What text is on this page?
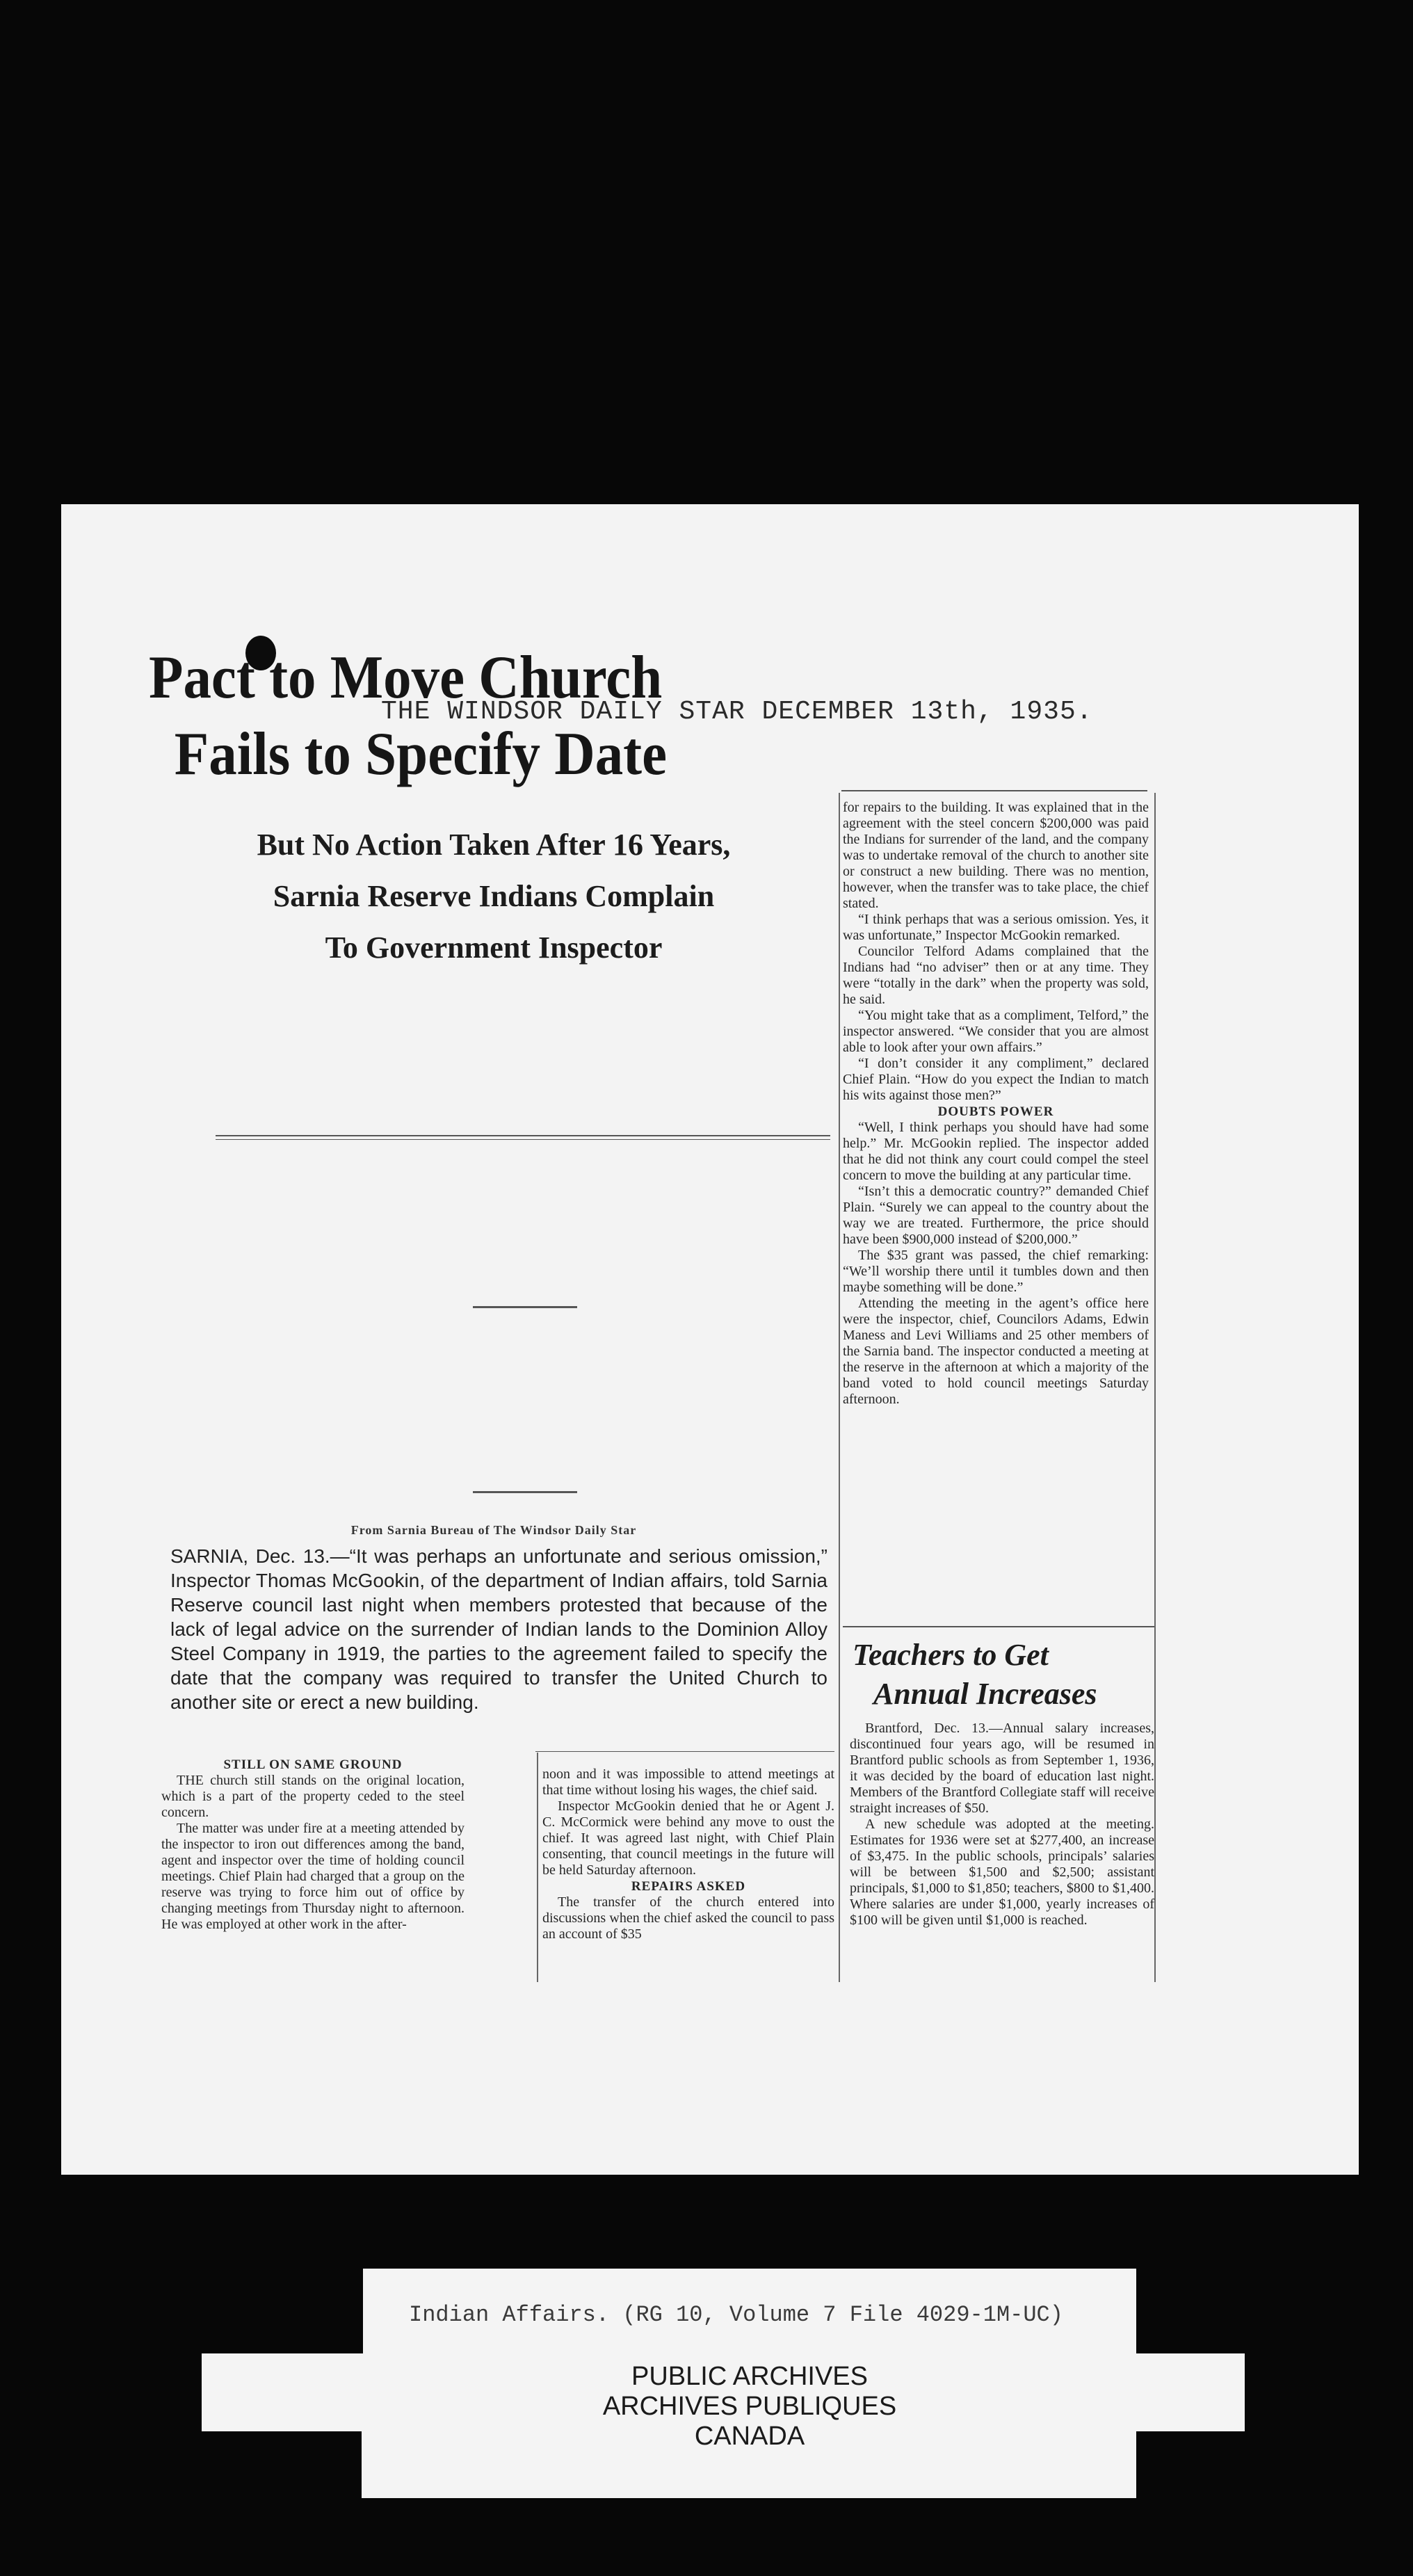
THE WINDSOR DAILY STAR DECEMBER 13th, 1935.
Pact to Move Church
Fails to Specify Date
But No Action Taken After 16 Years,
Sarnia Reserve Indians Complain
To Government Inspector
From Sarnia Bureau of The Windsor Daily Star
SARNIA, Dec. 13.—“It was perhaps an unfortunate and serious omission,” Inspector Thomas McGookin, of the department of Indian affairs, told Sarnia Reserve council last night when members protested that because of the lack of legal advice on the surrender of Indian lands to the Dominion Alloy Steel Company in 1919, the parties to the agreement failed to specify the date that the company was required to transfer the United Church to another site or erect a new building.

STILL ON SAME GROUND

THE church still stands on the original location, which is a part of the property ceded to the steel concern.

The matter was under fire at a meeting attended by the inspector to iron out differences among the band, agent and inspector over the time of holding council meetings. Chief Plain had charged that a group on the reserve was trying to force him out of office by changing meetings from Thursday night to afternoon. He was employed at other work in the after-

noon and it was impossible to attend meetings at that time without losing his wages, the chief said.

Inspector McGookin denied that he or Agent J. C. McCormick were behind any move to oust the chief. It was agreed last night, with Chief Plain consenting, that council meetings in the future will be held Saturday afternoon.

REPAIRS ASKED

The transfer of the church entered into discussions when the chief asked the council to pass an account of $35

for repairs to the building. It was explained that in the agreement with the steel concern $200,000 was paid the Indians for surrender of the land, and the company was to undertake removal of the church to another site or construct a new building. There was no mention, however, when the transfer was to take place, the chief stated.

“I think perhaps that was a serious omission. Yes, it was unfortunate,” Inspector McGookin remarked.

Councilor Telford Adams complained that the Indians had “no adviser” then or at any time. They were “totally in the dark” when the property was sold, he said.

“You might take that as a compliment, Telford,” the inspector answered. “We consider that you are almost able to look after your own affairs.”

“I don’t consider it any compliment,” declared Chief Plain. “How do you expect the Indian to match his wits against those men?”

DOUBTS POWER

“Well, I think perhaps you should have had some help.” Mr. McGookin replied. The inspector added that he did not think any court could compel the steel concern to move the building at any particular time.

“Isn’t this a democratic country?” demanded Chief Plain. “Surely we can appeal to the country about the way we are treated. Furthermore, the price should have been $900,000 instead of $200,000.”

The $35 grant was passed, the chief remarking: “We’ll worship there until it tumbles down and then maybe something will be done.”

Attending the meeting in the agent’s office here were the inspector, chief, Councilors Adams, Edwin Maness and Levi Williams and 25 other members of the Sarnia band. The inspector conducted a meeting at the reserve in the afternoon at which a majority of the band voted to hold council meetings Saturday afternoon.

Teachers to Get
Annual Increases

Brantford, Dec. 13.—Annual salary increases, discontinued four years ago, will be resumed in Brantford public schools as from September 1, 1936, it was decided by the board of education last night. Members of the Brantford Collegiate staff will receive straight increases of $50.

A new schedule was adopted at the meeting. Estimates for 1936 were set at $277,400, an increase of $3,475. In the public schools, principals’ salaries will be between $1,500 and $2,500; assistant principals, $1,000 to $1,850; teachers, $800 to $1,400. Where salaries are under $1,000, yearly increases of $100 will be given until $1,000 is reached.

Indian Affairs. (RG 10, Volume 7 File 4029-1M-UC)
PUBLIC ARCHIVES
ARCHIVES PUBLIQUES
CANADA
